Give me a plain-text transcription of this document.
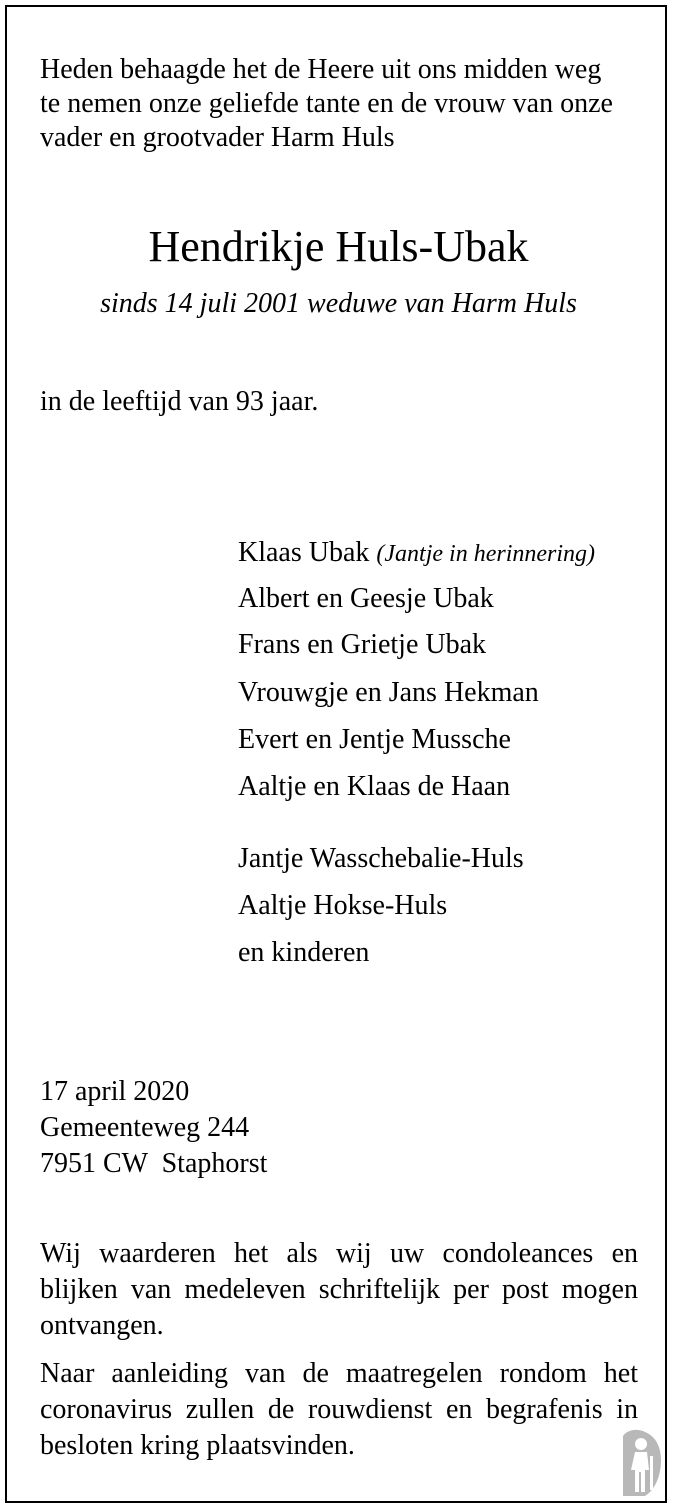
Heden behaagde het de Heere uit ons midden weg
te nemen onze geliefde tante en de vrouw van onze
vader en grootvader Harm Huls
Hendrikje Huls-Ubak
sinds 14 juli 2001 weduwe van Harm Huls
in de leeftijd van 93 jaar.
Klaas Ubak (Jantje in herinnering)
Albert en Geesje Ubak
Frans en Grietje Ubak
Vrouwgje en Jans Hekman
Evert en Jentje Mussche
Aaltje en Klaas de Haan
Jantje Wasschebalie-Huls
Aaltje Hokse-Huls
en kinderen
17 april 2020
Gemeenteweg 244
7951 CW  Staphorst
Wij waarderen het als wij uw condoleances en blijken van medeleven schriftelijk per post mogen ontvangen.
Naar aanleiding van de maatregelen rondom het coronavirus zullen de rouwdienst en begrafenis in besloten kring plaatsvinden.
